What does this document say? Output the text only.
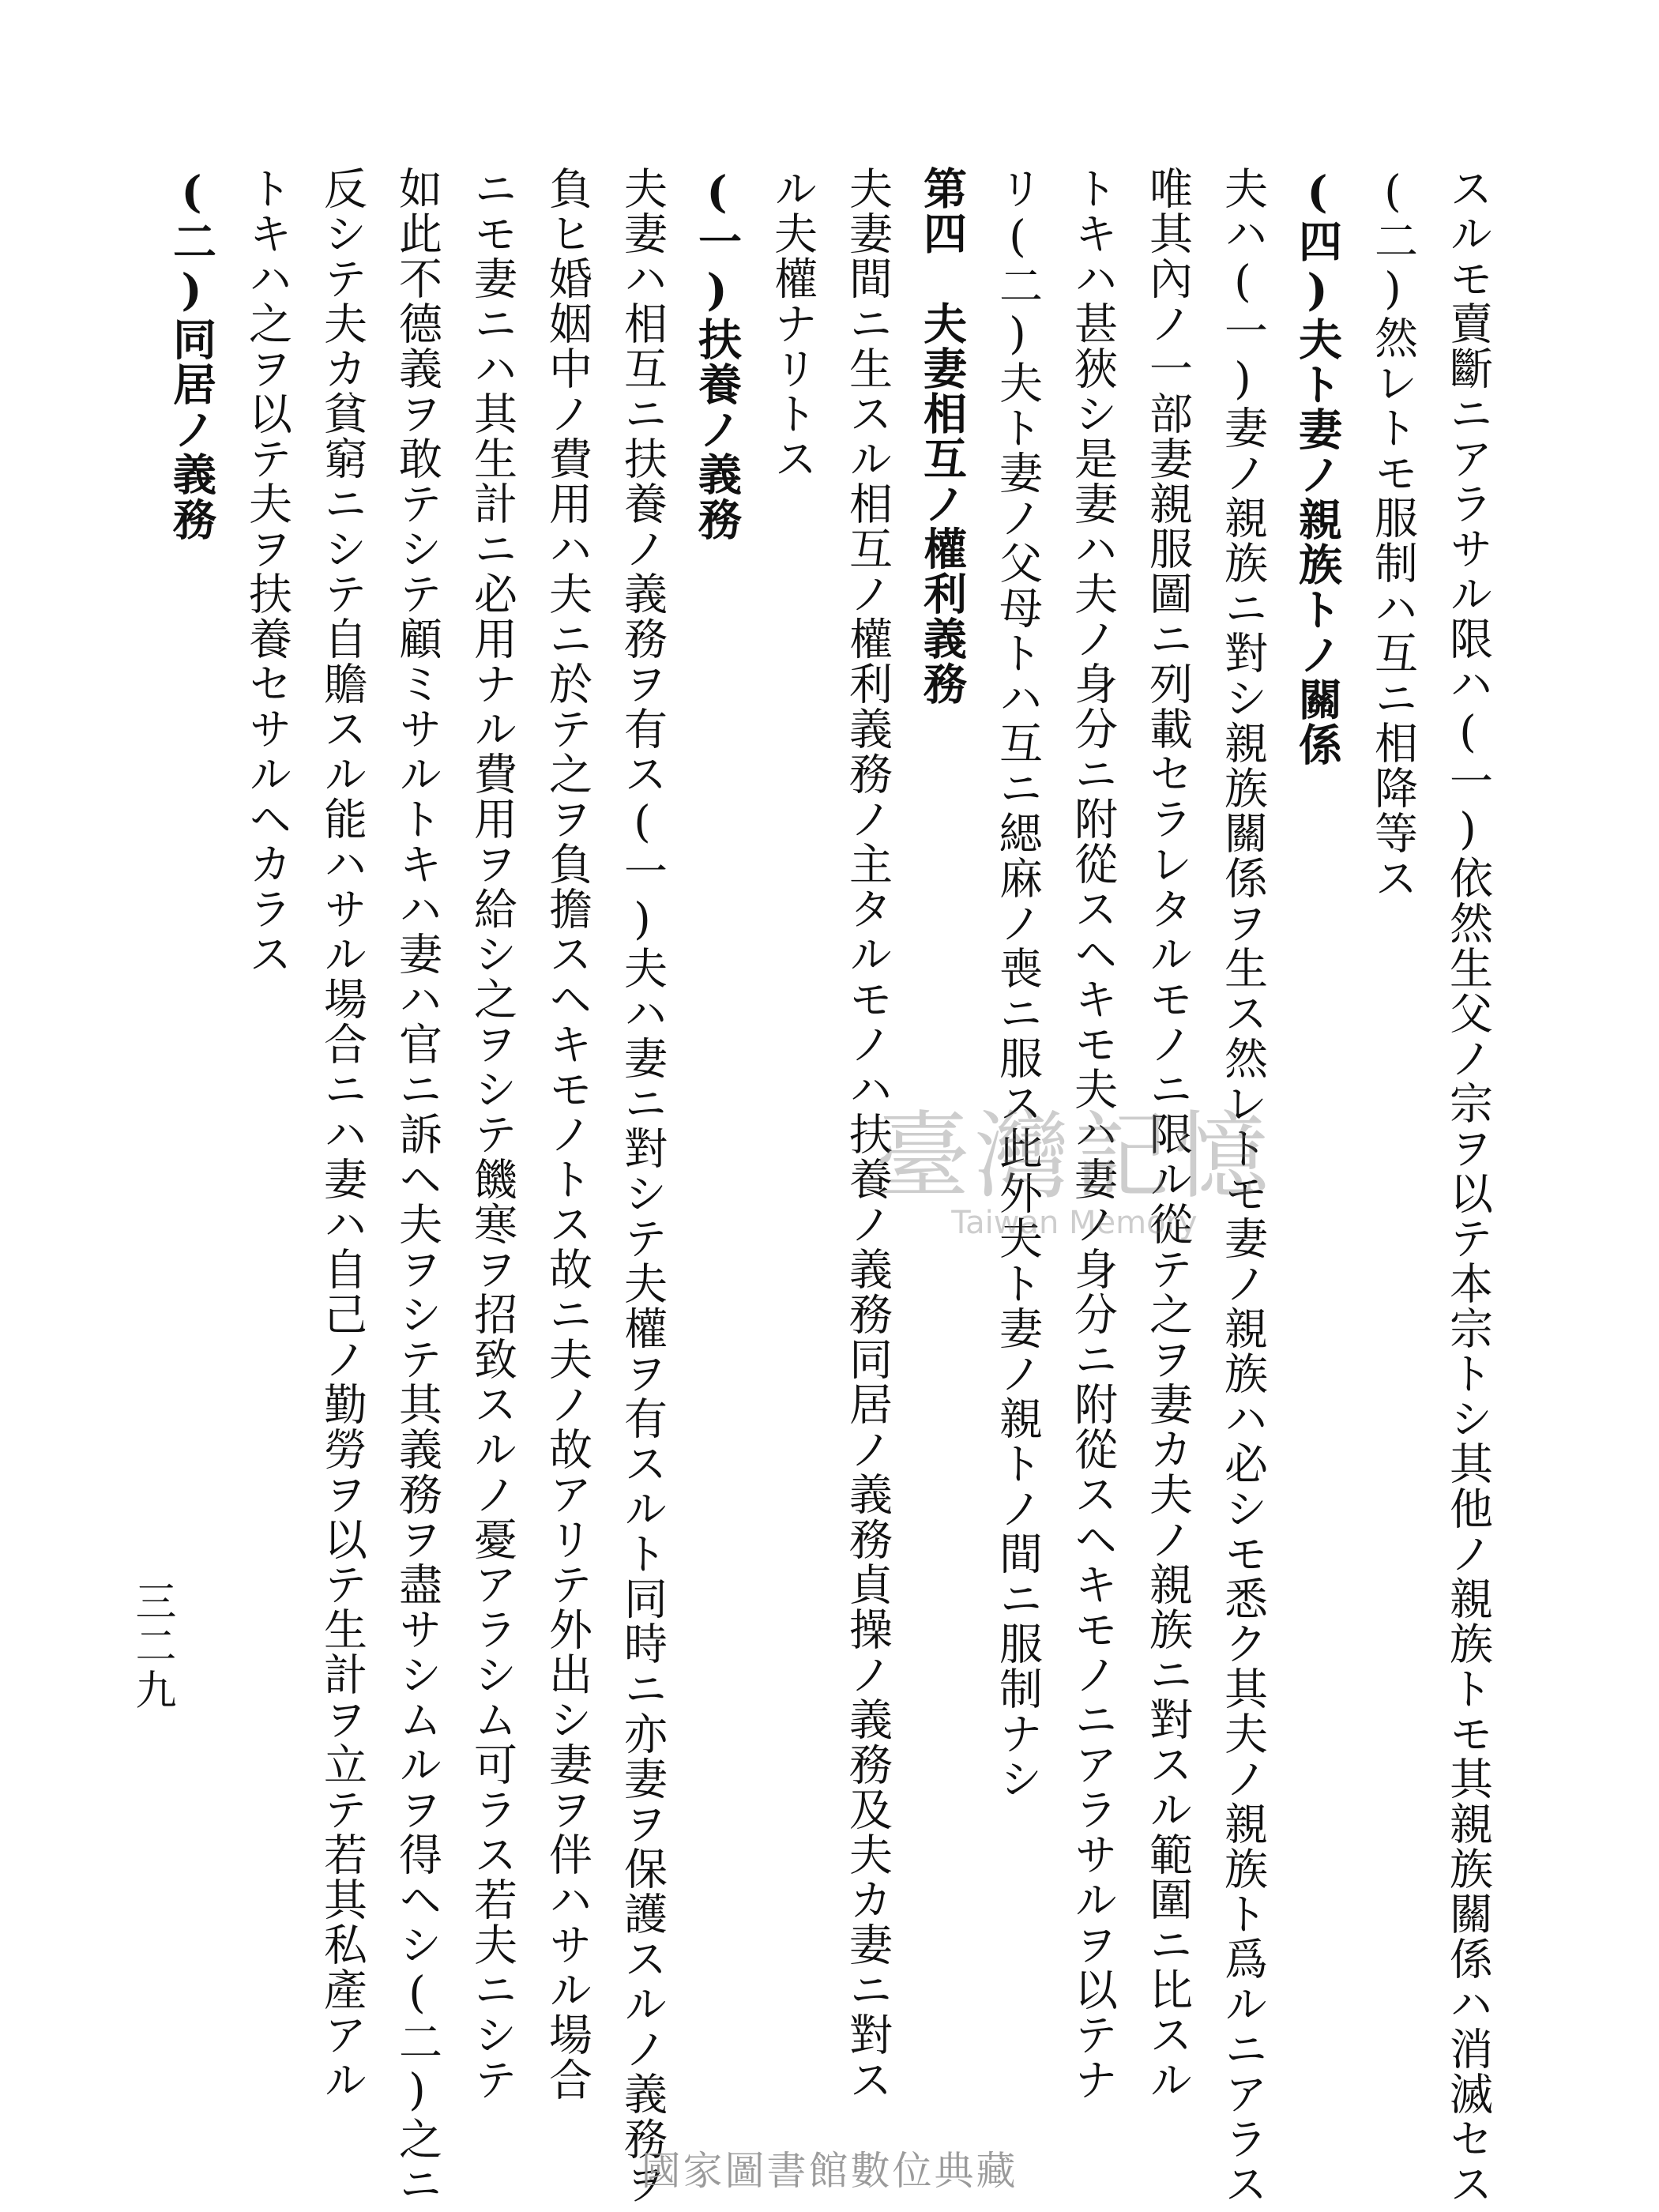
スルモ賣斷ニアラサル限ハ(一)依然生父ノ宗ヲ以テ本宗トシ其他ノ親族トモ其親族關係ハ消滅セス
(二)然レトモ服制ハ互ニ相降等ス
(四)夫ト妻ノ親族トノ關係
夫ハ(一)妻ノ親族ニ對シ親族關係ヲ生ス然レトモ妻ノ親族ハ必シモ悉ク其夫ノ親族ト爲ルニアラス
唯其內ノ一部妻親服圖ニ列載セラレタルモノニ限ル從テ之ヲ妻カ夫ノ親族ニ對スル範圍ニ比スル
トキハ甚狹シ是妻ハ夫ノ身分ニ附從スヘキモ夫ハ妻ノ身分ニ附從スヘキモノニアラサルヲ以テナ
リ(二)夫ト妻ノ父母トハ互ニ緦麻ノ喪ニ服ス此外夫ト妻ノ親トノ間ニ服制ナシ
第四　夫妻相互ノ權利義務
夫妻間ニ生スル相互ノ權利義務ノ主タルモノハ扶養ノ義務同居ノ義務貞操ノ義務及夫カ妻ニ對ス
ル夫權ナリトス
(一)扶養ノ義務
夫妻ハ相互ニ扶養ノ義務ヲ有ス(一)夫ハ妻ニ對シテ夫權ヲ有スルト同時ニ亦妻ヲ保護スルノ義務ヲ
負ヒ婚姻中ノ費用ハ夫ニ於テ之ヲ負擔スヘキモノトス故ニ夫ノ故アリテ外出シ妻ヲ伴ハサル場合
ニモ妻ニハ其生計ニ必用ナル費用ヲ給シ之ヲシテ饑寒ヲ招致スルノ憂アラシム可ラス若夫ニシテ
如此不德義ヲ敢テシテ顧ミサルトキハ妻ハ官ニ訴ヘ夫ヲシテ其義務ヲ盡サシムルヲ得ヘシ(二)之ニ
反シテ夫カ貧窮ニシテ自贍スル能ハサル場合ニハ妻ハ自己ノ勤勞ヲ以テ生計ヲ立テ若其私產アル
トキハ之ヲ以テ夫ヲ扶養セサルヘカラス
(二)同居ノ義務
三二九
臺灣記憶
Taiwan Memory
國家圖書館數位典藏
